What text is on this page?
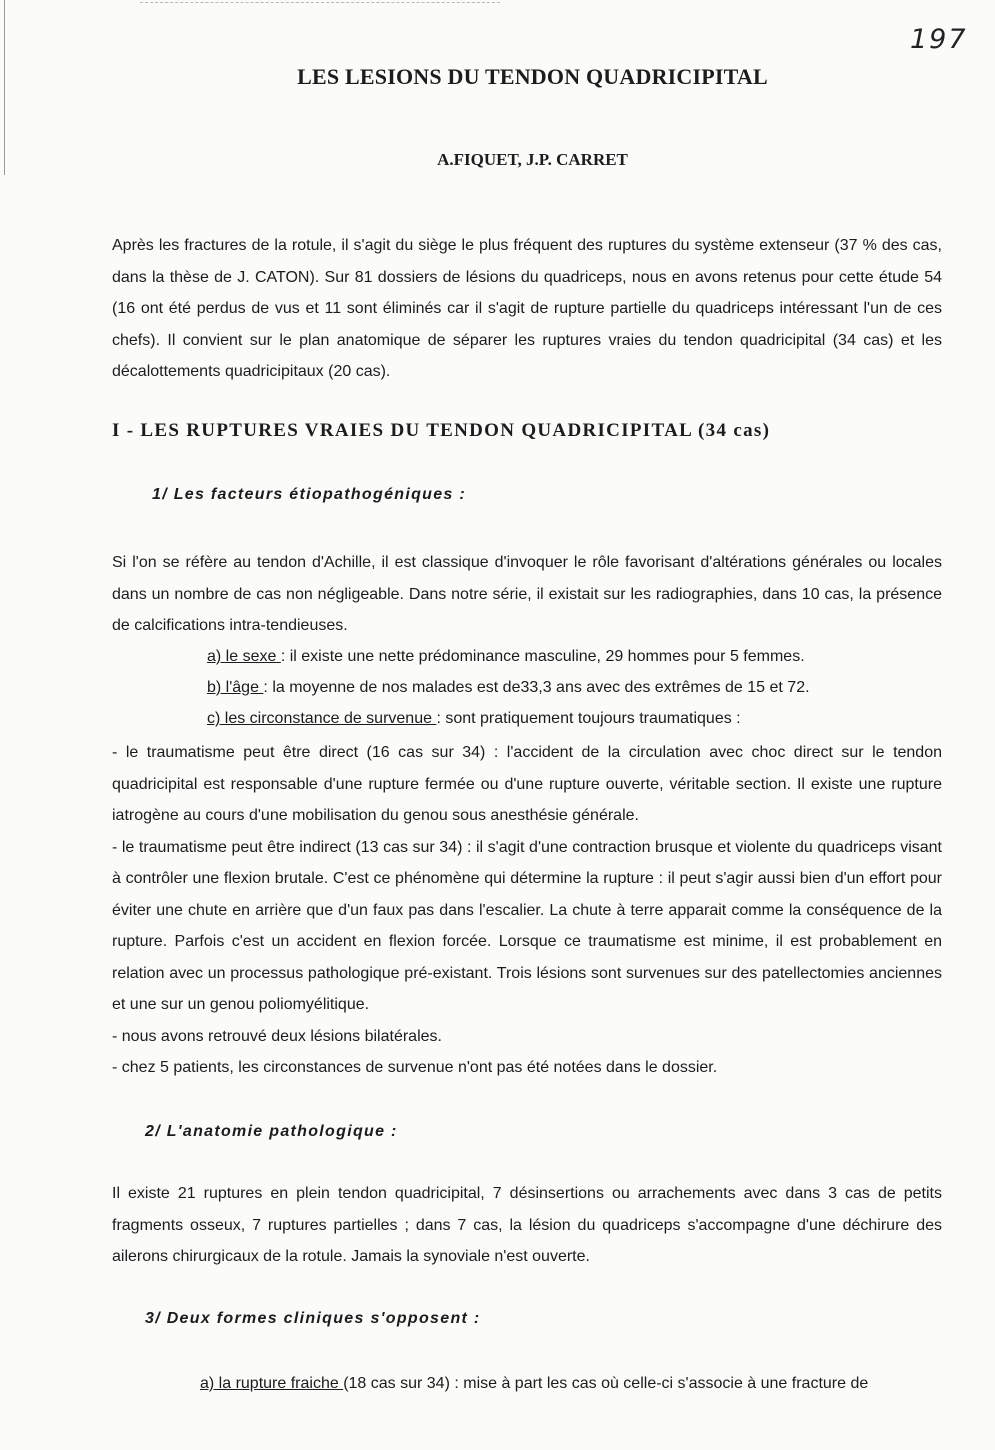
197
LES LESIONS DU TENDON QUADRICIPITAL
A.FIQUET, J.P. CARRET

Après les fractures de la rotule, il s'agit du siège le plus fréquent des ruptures du système extenseur (37 % des cas, dans la thèse de J. CATON). Sur 81 dossiers de lésions du quadriceps, nous en avons retenus pour cette étude 54 (16 ont été perdus de vus et 11 sont éliminés car il s'agit de rupture partielle du quadriceps intéressant l'un de ces chefs). Il convient sur le plan anatomique de séparer les ruptures vraies du tendon quadricipital (34 cas) et les décalottements quadricipitaux (20 cas).

I - LES RUPTURES VRAIES DU TENDON QUADRICIPITAL (34 cas)
1/ Les facteurs étiopathogéniques :

Si l'on se réfère au tendon d'Achille, il est classique d'invoquer le rôle favorisant d'altérations générales ou locales dans un nombre de cas non négligeable. Dans notre série, il existait sur les radiographies, dans 10 cas, la présence de calcifications intra-tendieuses.

a) le sexe : il existe une nette prédominance masculine, 29 hommes pour 5 femmes.
b) l'âge : la moyenne de nos malades est de33,3 ans avec des extrêmes de 15 et 72.
c) les circonstance de survenue : sont pratiquement toujours traumatiques :

- le traumatisme peut être direct (16 cas sur 34) : l'accident de la circulation avec choc direct sur le tendon quadricipital est responsable d'une rupture fermée ou d'une rupture ouverte, véritable section. Il existe une rupture iatrogène au cours d'une mobilisation du genou sous anesthésie générale.
- le traumatisme peut être indirect (13 cas sur 34) : il s'agit d'une contraction brusque et violente du quadriceps visant à contrôler une flexion brutale. C'est ce phénomène qui détermine la rupture : il peut s'agir aussi bien d'un effort pour éviter une chute en arrière que d'un faux pas dans l'escalier. La chute à terre apparait comme la conséquence de la rupture. Parfois c'est un accident en flexion forcée. Lorsque ce traumatisme est minime, il est probablement en relation avec un processus pathologique pré-existant. Trois lésions sont survenues sur des patellectomies anciennes et une sur un genou poliomyélitique.
- nous avons retrouvé deux lésions bilatérales.
- chez 5 patients, les circonstances de survenue n'ont pas été notées dans le dossier.

2/ L'anatomie pathologique :

Il existe 21 ruptures en plein tendon quadricipital, 7 désinsertions ou arrachements avec dans 3 cas de petits fragments osseux, 7 ruptures partielles ; dans 7 cas, la lésion du quadriceps s'accompagne d'une déchirure des ailerons chirurgicaux de la rotule. Jamais la synoviale n'est ouverte.

3/ Deux formes cliniques s'opposent :
a) la rupture fraiche (18 cas sur 34) : mise à part les cas où celle-ci s'associe à une fracture de
